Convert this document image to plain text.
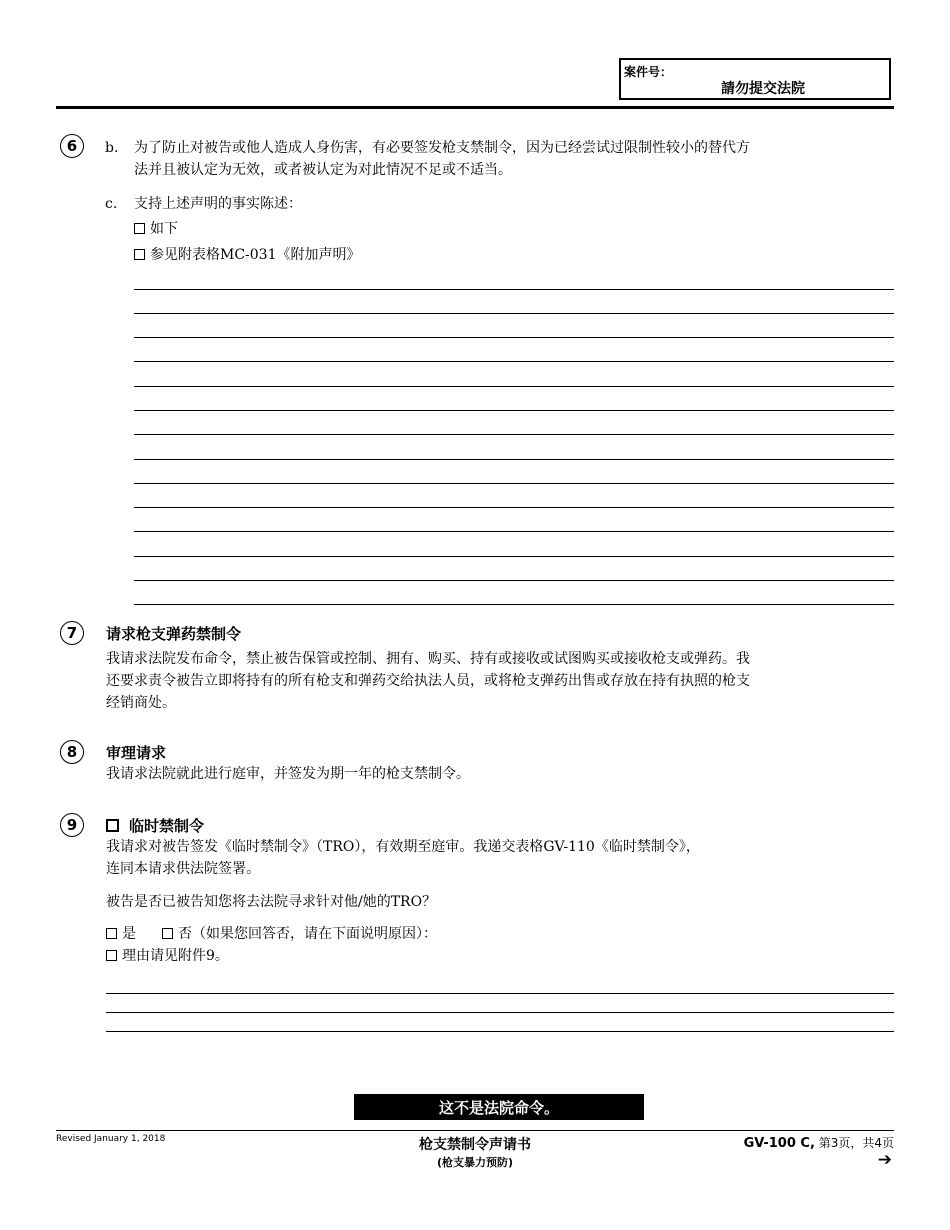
案件号：
請勿提交法院
6	b. 为了防止对被告或他人造成人身伤害，有必要签发枪支禁制令，因为已经尝试过限制性较小的替代方
法并且被认定为无效，或者被认定为对此情况不足或不适当。
c. 支持上述声明的事实陈述：
如下
参见附表格MC-031《附加声明》
7	请求枪支弹药禁制令
我请求法院发布命令，禁止被告保管或控制、拥有、购买、持有或接收或试图购买或接收枪支或弹药。我
还要求责令被告立即将持有的所有枪支和弹药交给执法人员，或将枪支弹药出售或存放在持有执照的枪支
经销商处。
8	审理请求
我请求法院就此进行庭审，并签发为期一年的枪支禁制令。
9	临时禁制令
我请求对被告签发《临时禁制令》（TRO），有效期至庭审。我递交表格GV-110《临时禁制令》，
连同本请求供法院签署。
被告是否已被告知您将去法院寻求针对他/她的TRO？
是	否（如果您回答否，请在下面说明原因）：
理由请见附件9。
这不是法院命令。
Revised January 1, 2018	枪支禁制令声请书
(枪支暴力预防)
GV-100 C, 第3页，共4页
➔
